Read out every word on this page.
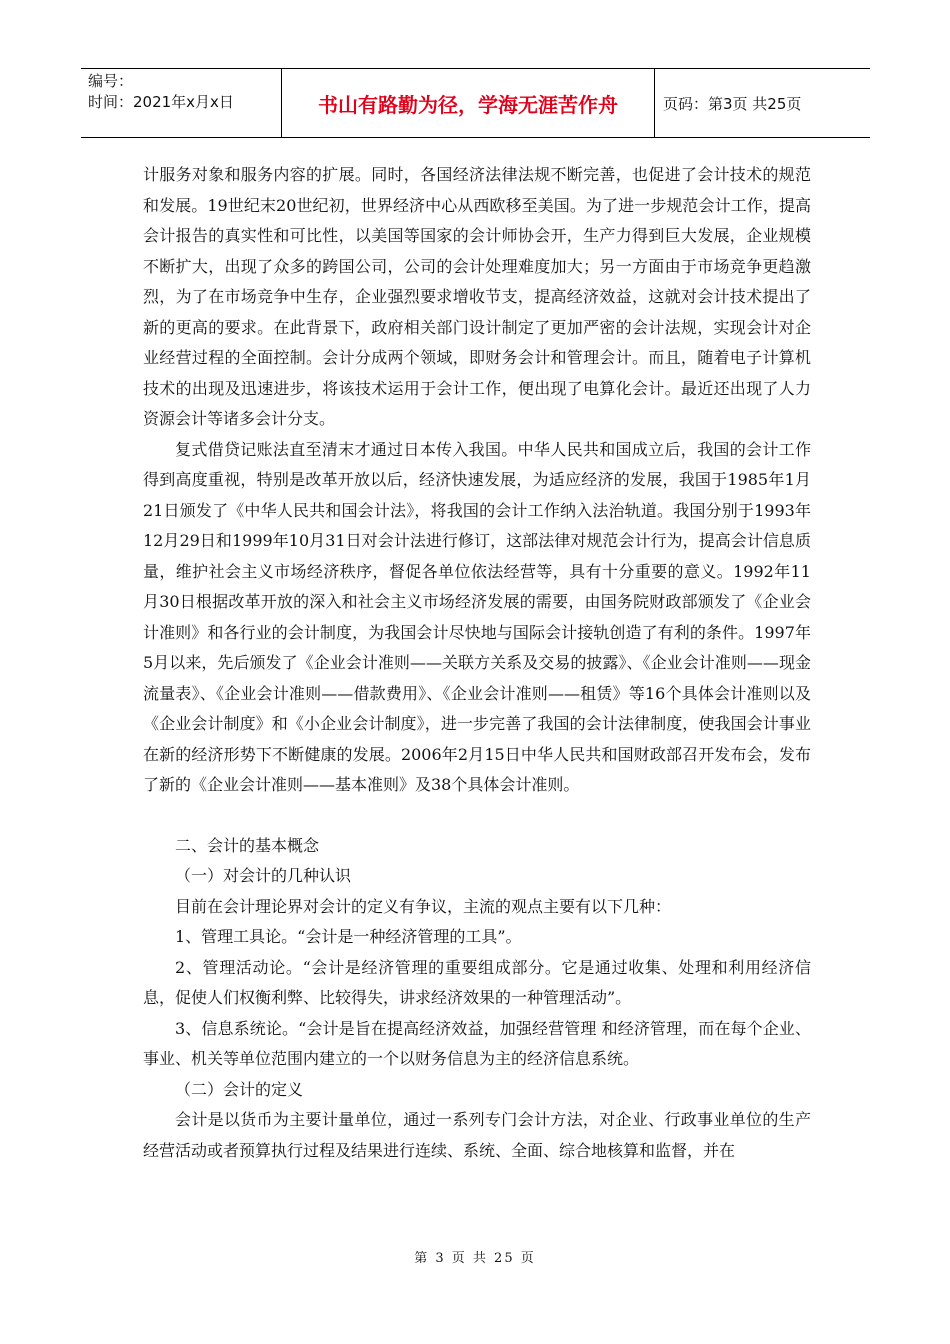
编号：
时间：2021年x月x日	书山有路勤为径，学海无涯苦作舟	页码：第3页 共25页

计服务对象和服务内容的扩展。同时，各国经济法律法规不断完善，也促进了会计技术的规范和发展。19世纪末20世纪初，世界经济中心从西欧移至美国。为了进一步规范会计工作，提高会计报告的真实性和可比性，以美国等国家的会计师协会开，生产力得到巨大发展，企业规模不断扩大，出现了众多的跨国公司，公司的会计处理难度加大；另一方面由于市场竞争更趋激烈，为了在市场竞争中生存，企业强烈要求增收节支，提高经济效益，这就对会计技术提出了新的更高的要求。在此背景下，政府相关部门设计制定了更加严密的会计法规，实现会计对企业经营过程的全面控制。会计分成两个领域，即财务会计和管理会计。而且，随着电子计算机技术的出现及迅速进步，将该技术运用于会计工作，便出现了电算化会计。最近还出现了人力资源会计等诸多会计分支。

复式借贷记账法直至清末才通过日本传入我国。中华人民共和国成立后，我国的会计工作得到高度重视，特别是改革开放以后，经济快速发展，为适应经济的发展，我国于1985年1月21日颁发了《中华人民共和国会计法》，将我国的会计工作纳入法治轨道。我国分别于1993年12月29日和1999年10月31日对会计法进行修订，这部法律对规范会计行为，提高会计信息质量，维护社会主义市场经济秩序，督促各单位依法经营等，具有十分重要的意义。1992年11月30日根据改革开放的深入和社会主义市场经济发展的需要，由国务院财政部颁发了《企业会计准则》和各行业的会计制度，为我国会计尽快地与国际会计接轨创造了有利的条件。1997年5月以来，先后颁发了《企业会计准则——关联方关系及交易的披露》、《企业会计准则——现金流量表》、《企业会计准则——借款费用》、《企业会计准则——租赁》等16个具体会计准则以及《企业会计制度》和《小企业会计制度》，进一步完善了我国的会计法律制度，使我国会计事业在新的经济形势下不断健康的发展。2006年2月15日中华人民共和国财政部召开发布会，发布了新的《企业会计准则——基本准则》及38个具体会计准则。

二、会计的基本概念

（一）对会计的几种认识

目前在会计理论界对会计的定义有争议，主流的观点主要有以下几种：

1、管理工具论。“会计是一种经济管理的工具”。

2、管理活动论。“会计是经济管理的重要组成部分。它是通过收集、处理和利用经济信息，促使人们权衡利弊、比较得失，讲求经济效果的一种管理活动”。

3、信息系统论。“会计是旨在提高经济效益，加强经营管理 和经济管理，而在每个企业、事业、机关等单位范围内建立的一个以财务信息为主的经济信息系统。

（二）会计的定义

会计是以货币为主要计量单位，通过一系列专门会计方法，对企业、行政事业单位的生产经营活动或者预算执行过程及结果进行连续、系统、全面、综合地核算和监督，并在

第 3 页 共 25 页
